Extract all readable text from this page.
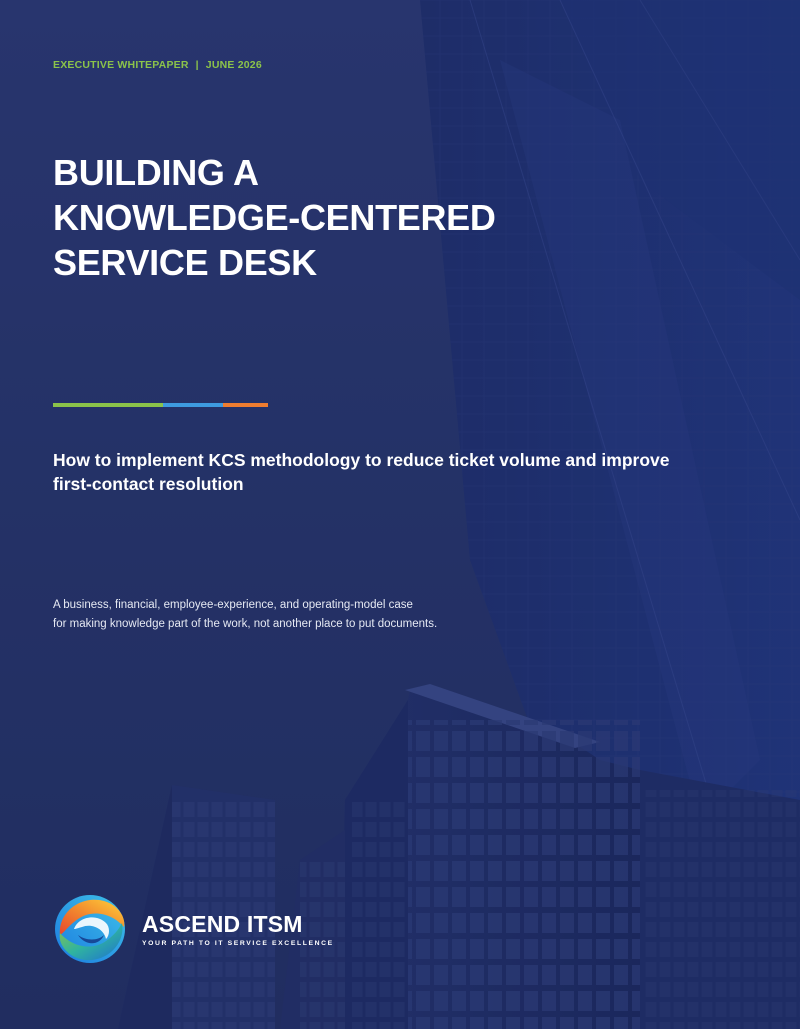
EXECUTIVE WHITEPAPER | JUNE 2026
BUILDING A
KNOWLEDGE-CENTERED
SERVICE DESK

How to implement KCS methodology to reduce ticket volume and improve first-contact resolution

A business, financial, employee-experience, and operating-model case
for making knowledge part of the work, not another place to put documents.

ASCEND ITSM
YOUR PATH TO IT SERVICE EXCELLENCE
